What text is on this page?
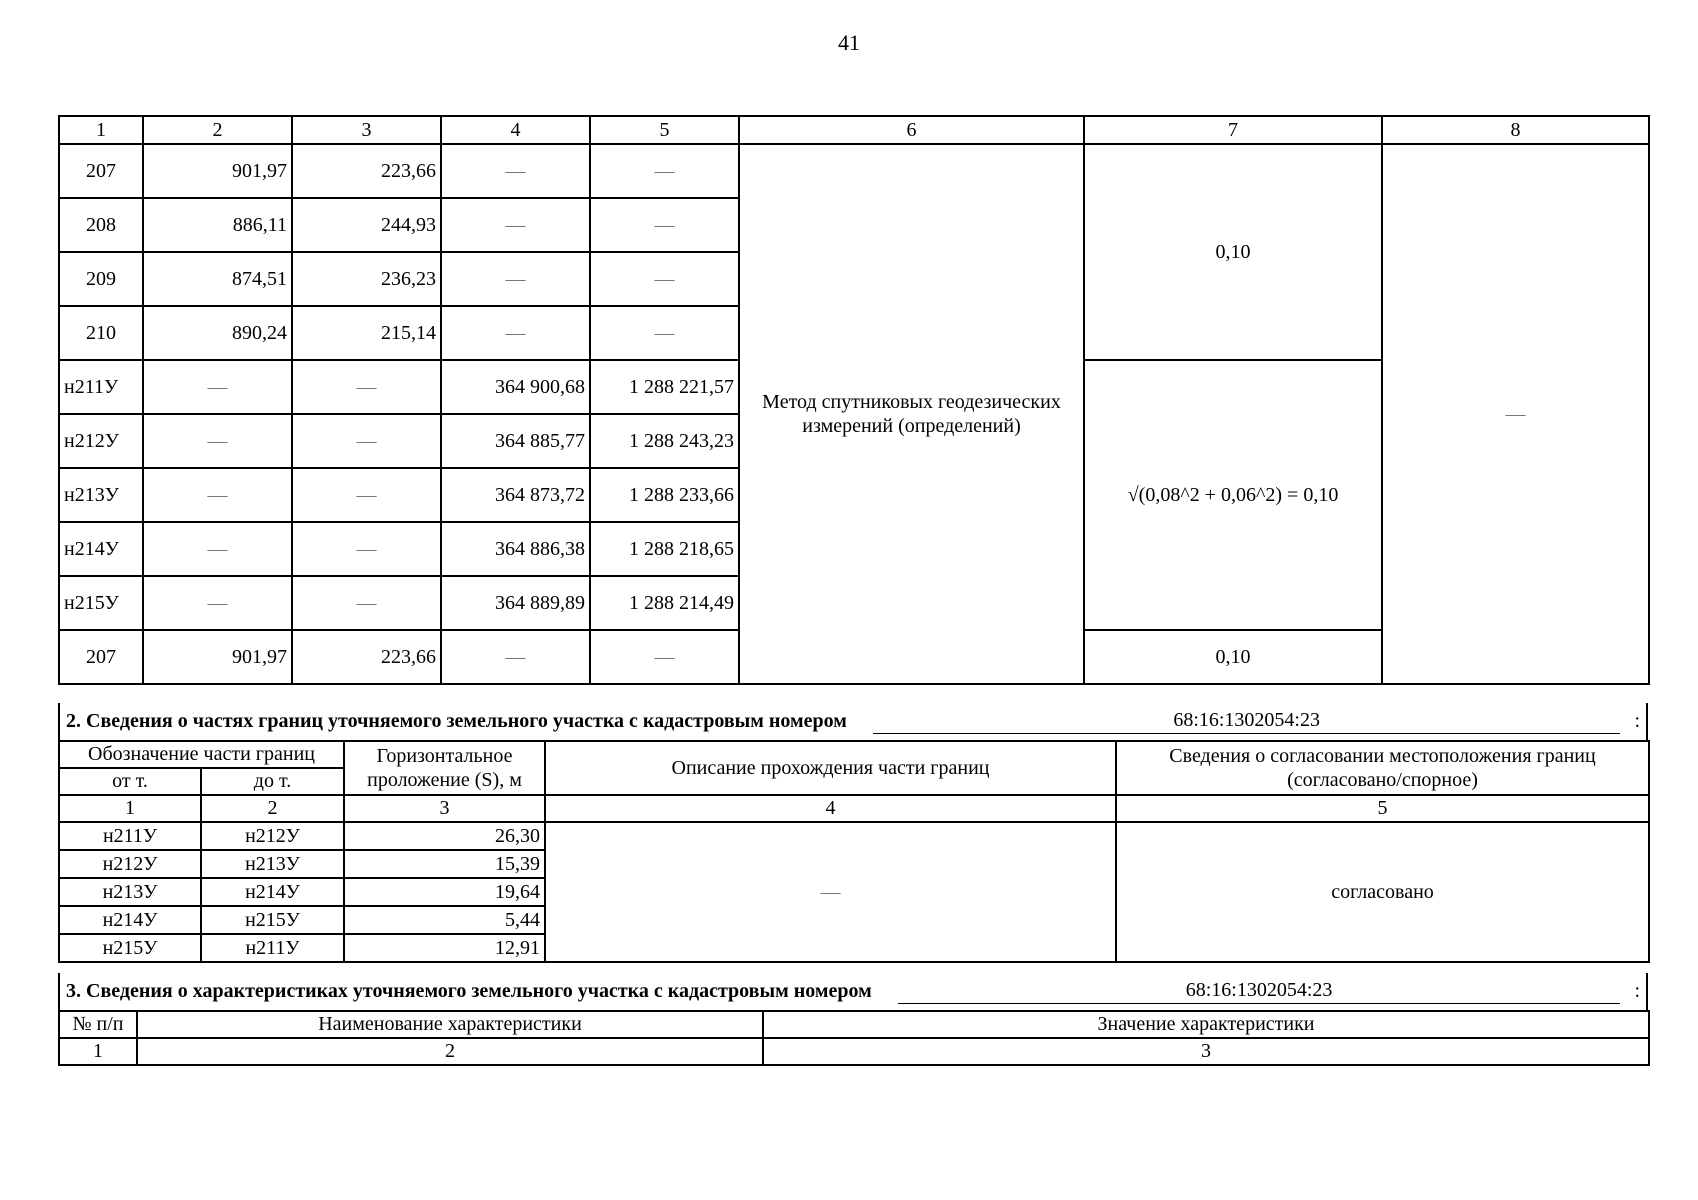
41
1	2	3	4	5	6	7	8
207	901,97	223,66	—	—	Метод спутниковых геодезических измерений (определений)	0,10	—
208	886,11	244,93	—	—			
209	874,51	236,23	—	—			
210	890,24	215,14	—	—			
н211У	—	—	364 900,68	1 288 221,57		√(0,08^2 + 0,06^2) = 0,10	
н212У	—	—	364 885,77	1 288 243,23			
н213У	—	—	364 873,72	1 288 233,66			
н214У	—	—	364 886,38	1 288 218,65			
н215У	—	—	364 889,89	1 288 214,49			
207	901,97	223,66	—	—		0,10	
2. Сведения о частях границ уточняемого земельного участка с кадастровым номером	68:16:1302054:23	:
Обозначение части границ		Горизонтальное проложение (S), м	Описание прохождения части границ	Сведения о согласовании местоположения границ (согласовано/спорное)
от т.	до т.			
1	2	3	4	5
н211У	н212У	26,30	—	согласовано
н212У	н213У	15,39		
н213У	н214У	19,64		
н214У	н215У	5,44		
н215У	н211У	12,91		
3. Сведения о характеристиках уточняемого земельного участка с кадастровым номером	68:16:1302054:23	:
№ п/п	Наименование характеристики	Значение характеристики
1	2	3
